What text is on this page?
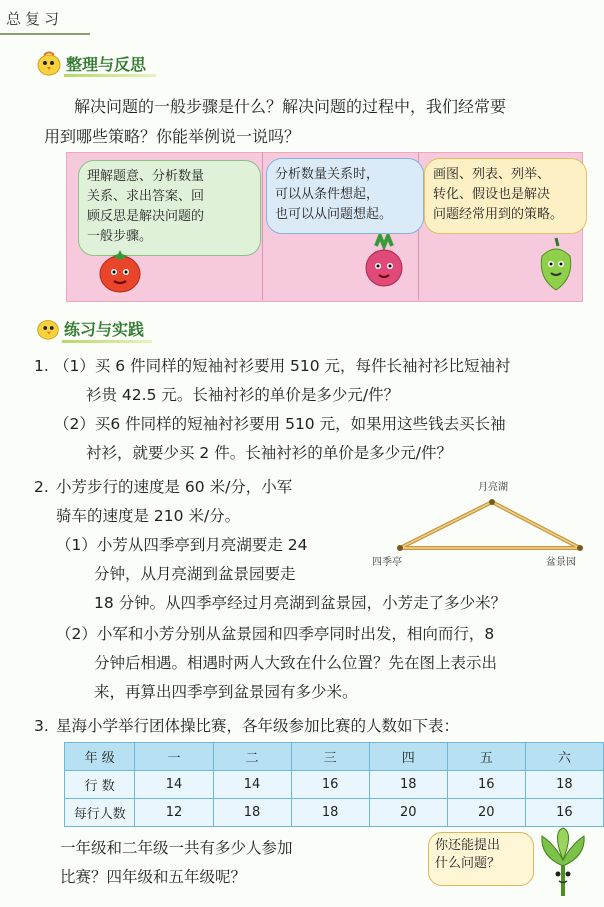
总复习
整理与反思
解决问题的一般步骤是什么？解决问题的过程中，我们经常要
用到哪些策略？你能举例说一说吗？
理解题意、分析数量
关系、求出答案、回
顾反思是解决问题的
一般步骤。
分析数量关系时，
可以从条件想起，
也可以从问题想起。
画图、列表、列举、
转化、假设也是解决
问题经常用到的策略。
练习与实践
1. （1）买 6 件同样的短袖衬衫要用 510 元，每件长袖衬衫比短袖衬
衫贵 42.5 元。长袖衬衫的单价是多少元/件？
（2）买6 件同样的短袖衬衫要用 510 元，如果用这些钱去买长袖
衬衫，就要少买 2 件。长袖衬衫的单价是多少元/件？
2. 小芳步行的速度是 60 米/分，小军
骑车的速度是 210 米/分。
（1）小芳从四季亭到月亮湖要走 24
分钟，从月亮湖到盆景园要走
18 分钟。从四季亭经过月亮湖到盆景园，小芳走了多少米？
（2）小军和小芳分别从盆景园和四季亭同时出发，相向而行，8
分钟后相遇。相遇时两人大致在什么位置？先在图上表示出
来，再算出四季亭到盆景园有多少米。
月亮湖
四季亭	盆景园
3. 星海小学举行团体操比赛，各年级参加比赛的人数如下表：
年 级	一	二	三	四	五	六
行 数	14	14	16	18	16	18
每行人数	12	18	18	20	20	16
一年级和二年级一共有多少人参加
比赛？四年级和五年级呢？
你还能提出
什么问题？
